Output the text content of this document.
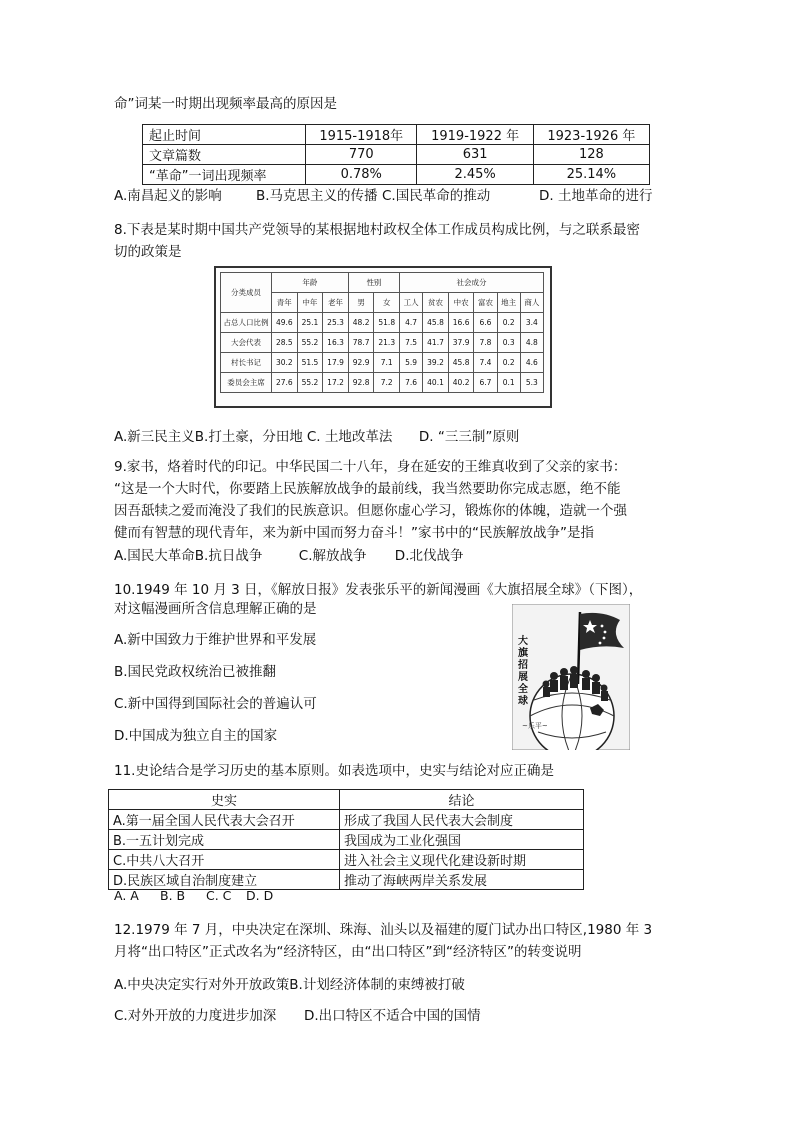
命”词某一时期出现频率最高的原因是
起止时间	1915-1918年	1919-1922 年	1923-1926 年
文章篇数	770	631	128
“革命”一词出现频率	0.78%	2.45%	25.14%
A.南昌起义的影响	B.马克思主义的传播 C.国民革命的推动	D. 土地革命的进行
8.下表是某时期中国共产党领导的某根据地村政权全体工作成员构成比例，与之联系最密
切的政策是
分类成员	年龄			性别		社会成分					
	青年	中年	老年	男	女	工人	贫农	中农	富农	地主	商人
占总人口比例	49.6	25.1	25.3	48.2	51.8	4.7	45.8	16.6	6.6	0.2	3.4
大会代表	28.5	55.2	16.3	78.7	21.3	7.5	41.7	37.9	7.8	0.3	4.8
村长书记	30.2	51.5	17.9	92.9	7.1	5.9	39.2	45.8	7.4	0.2	4.6
委员会主席	27.6	55.2	17.2	92.8	7.2	7.6	40.1	40.2	6.7	0.1	5.3
A.新三民主义B.打土豪，分田地 C. 土地改革法 D. “三三制”原则
9.家书，烙着时代的印记。中华民国二十八年，身在延安的王维真收到了父亲的家书：
“这是一个大时代，你要踏上民族解放战争的最前线，我当然要助你完成志愿，绝不能
因吾舐犊之爱而淹没了我们的民族意识。但愿你虚心学习，锻炼你的体魄，造就一个强
健而有智慧的现代青年，来为新中国而努力奋斗！”家书中的“民族解放战争”是指
A.国民大革命B.抗日战争	C.解放战争 D.北伐战争
10.1949 年 10 月 3 日，《解放日报》发表张乐平的新闻漫画《大旗招展全球》（下图），
对这幅漫画所含信息理解正确的是
A.新中国致力于维护世界和平发展
B.国民党政权统治已被推翻
C.新中国得到国际社会的普遍认可
D.中国成为独立自主的国家
大旗招展全球
~乐平~
11.史论结合是学习历史的基本原则。如表选项中，史实与结论对应正确是
史实	结论
A.第一届全国人民代表大会召开	形成了我国人民代表大会制度
B.一五计划完成	我国成为工业化强国
C.中共八大召开	进入社会主义现代化建设新时期
D.民族区域自治制度建立	推动了海峡两岸关系发展
A. A B. B C. C D. D
12.1979 年 7 月，中央决定在深圳、珠海、汕头以及福建的厦门试办出口特区,1980 年 3
月将“出口特区”正式改名为“经济特区，由“出口特区”到“经济特区”的转变说明
A.中央决定实行对外开放政策B.计划经济体制的束缚被打破
C.对外开放的力度进步加深 D.出口特区不适合中国的国情
